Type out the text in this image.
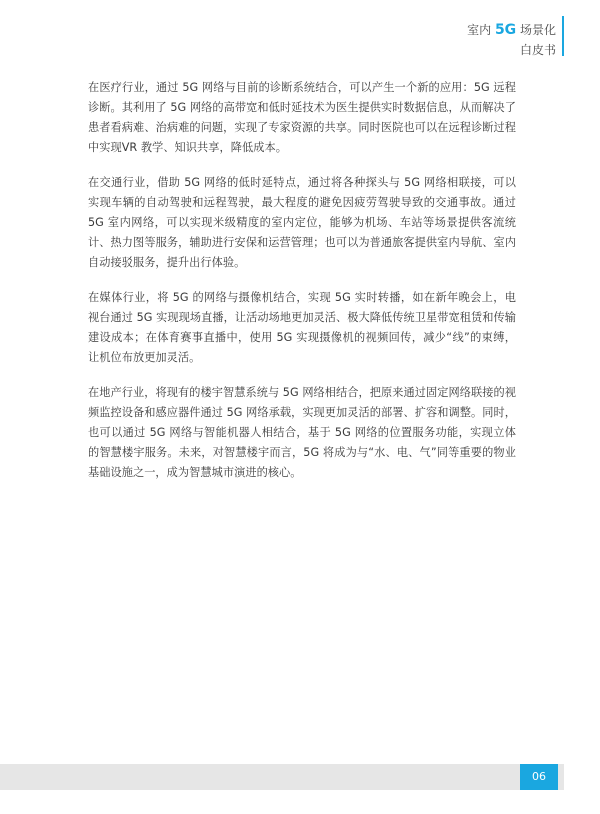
室内 5G 场景化
白皮书

在医疗行业，通过 5G 网络与目前的诊断系统结合，可以产生一个新的应用：5G 远程诊断。其利用了 5G 网络的高带宽和低时延技术为医生提供实时数据信息，从而解决了患者看病难、治病难的问题，实现了专家资源的共享。同时医院也可以在远程诊断过程中实现VR 教学、知识共享，降低成本。

在交通行业，借助 5G 网络的低时延特点，通过将各种探头与 5G 网络相联接，可以实现车辆的自动驾驶和远程驾驶，最大程度的避免因疲劳驾驶导致的交通事故。通过 5G 室内网络，可以实现米级精度的室内定位，能够为机场、车站等场景提供客流统计、热力图等服务，辅助进行安保和运营管理；也可以为普通旅客提供室内导航、室内自动接驳服务，提升出行体验。

在媒体行业，将 5G 的网络与摄像机结合，实现 5G 实时转播，如在新年晚会上，电视台通过 5G 实现现场直播，让活动场地更加灵活、极大降低传统卫星带宽租赁和传输建设成本；在体育赛事直播中，使用 5G 实现摄像机的视频回传，减少“线”的束缚，让机位布放更加灵活。

在地产行业，将现有的楼宇智慧系统与 5G 网络相结合，把原来通过固定网络联接的视频监控设备和感应器件通过 5G 网络承载，实现更加灵活的部署、扩容和调整。同时，也可以通过 5G 网络与智能机器人相结合，基于 5G 网络的位置服务功能，实现立体的智慧楼宇服务。未来，对智慧楼宇而言，5G 将成为与“水、电、气”同等重要的物业基础设施之一，成为智慧城市演进的核心。

06
